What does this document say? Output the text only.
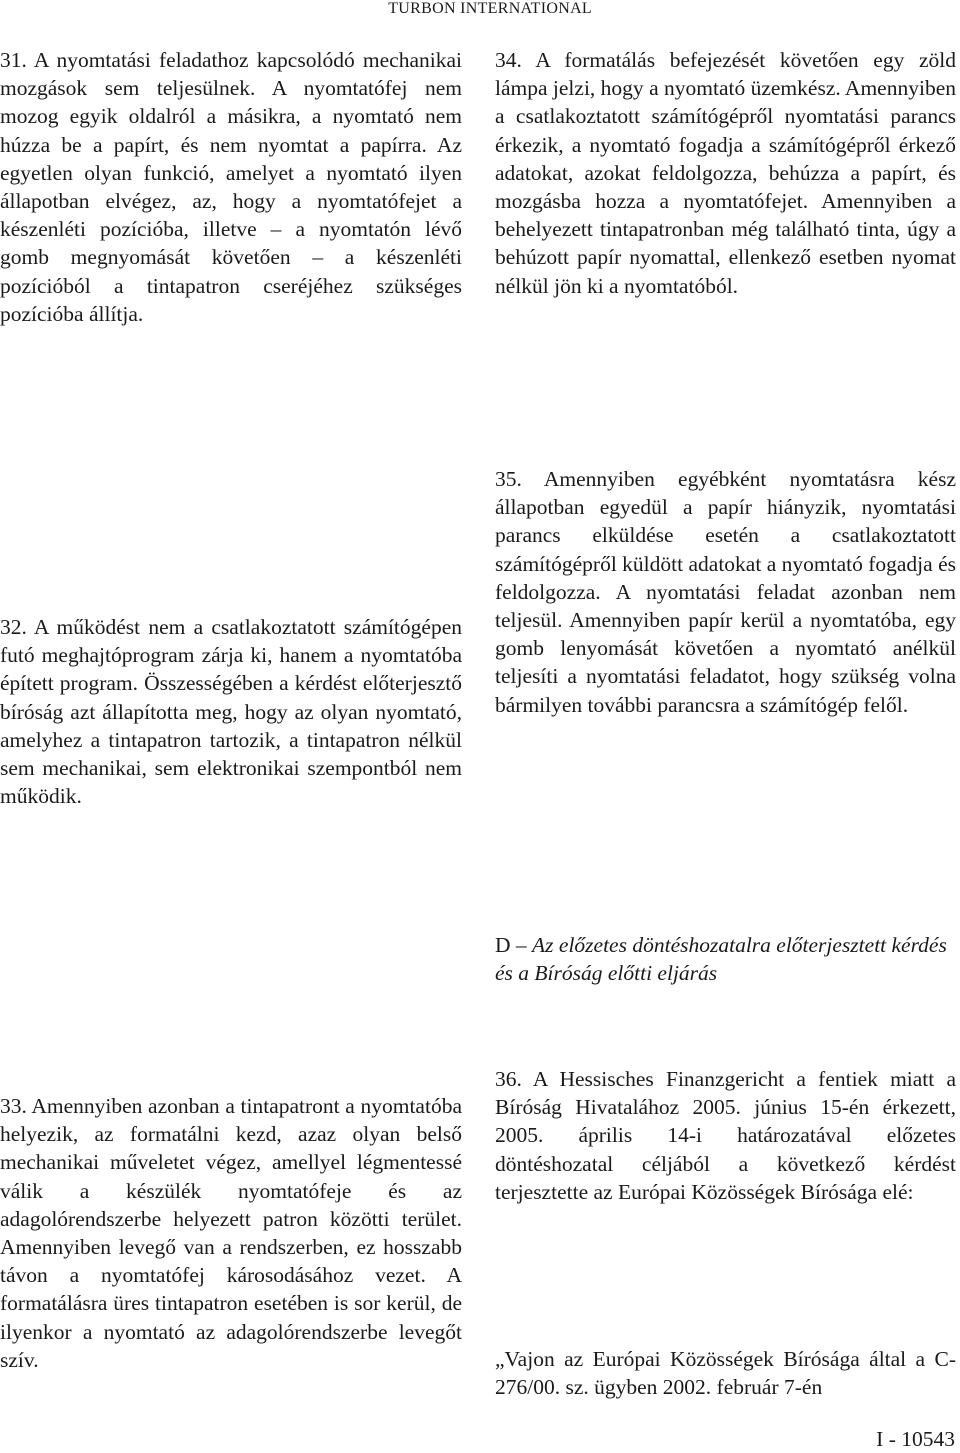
TURBON INTERNATIONAL

31. A nyomtatási feladathoz kapcsolódó mechanikai mozgások sem teljesülnek. A nyomtatófej nem mozog egyik oldalról a másikra, a nyomtató nem húzza be a papírt, és nem nyomtat a papírra. Az egyetlen olyan funkció, amelyet a nyomtató ilyen állapotban elvégez, az, hogy a nyomtatófejet a készenléti pozícióba, illetve – a nyomtatón lévő gomb megnyomását követően – a készenléti pozícióból a tintapatron cseréjéhez szükséges pozícióba állítja.

32. A működést nem a csatlakoztatott számítógépen futó meghajtóprogram zárja ki, hanem a nyomtatóba épített program. Összességében a kérdést előterjesztő bíróság azt állapította meg, hogy az olyan nyomtató, amelyhez a tintapatron tartozik, a tintapatron nélkül sem mechanikai, sem elektronikai szempontból nem működik.

33. Amennyiben azonban a tintapatront a nyomtatóba helyezik, az formatálni kezd, azaz olyan belső mechanikai műveletet végez, amellyel légmentessé válik a készülék nyomtatófeje és az adagolórendszerbe helyezett patron közötti terület. Amennyiben levegő van a rendszerben, ez hosszabb távon a nyomtatófej károsodásához vezet. A formatálásra üres tintapatron esetében is sor kerül, de ilyenkor a nyomtató az adagolórendszerbe levegőt szív.

34. A formatálás befejezését követően egy zöld lámpa jelzi, hogy a nyomtató üzemkész. Amennyiben a csatlakoztatott számítógépről nyomtatási parancs érkezik, a nyomtató fogadja a számítógépről érkező adatokat, azokat feldolgozza, behúzza a papírt, és mozgásba hozza a nyomtatófejet. Amennyiben a behelyezett tintapatronban még található tinta, úgy a behúzott papír nyomattal, ellenkező esetben nyomat nélkül jön ki a nyomtatóból.

35. Amennyiben egyébként nyomtatásra kész állapotban egyedül a papír hiányzik, nyomtatási parancs elküldése esetén a csatlakoztatott számítógépről küldött adatokat a nyomtató fogadja és feldolgozza. A nyomtatási feladat azonban nem teljesül. Amennyiben papír kerül a nyomtatóba, egy gomb lenyomását követően a nyomtató anélkül teljesíti a nyomtatási feladatot, hogy szükség volna bármilyen további parancsra a számítógép felől.

D – Az előzetes döntéshozatalra előterjesztett kérdés és a Bíróság előtti eljárás

36. A Hessisches Finanzgericht a fentiek miatt a Bíróság Hivatalához 2005. június 15-én érkezett, 2005. április 14-i határozatával előzetes döntéshozatal céljából a következő kérdést terjesztette az Európai Közösségek Bírósága elé:

„Vajon az Európai Közösségek Bírósága által a C-276/00. sz. ügyben 2002. február 7-én

I - 10543
